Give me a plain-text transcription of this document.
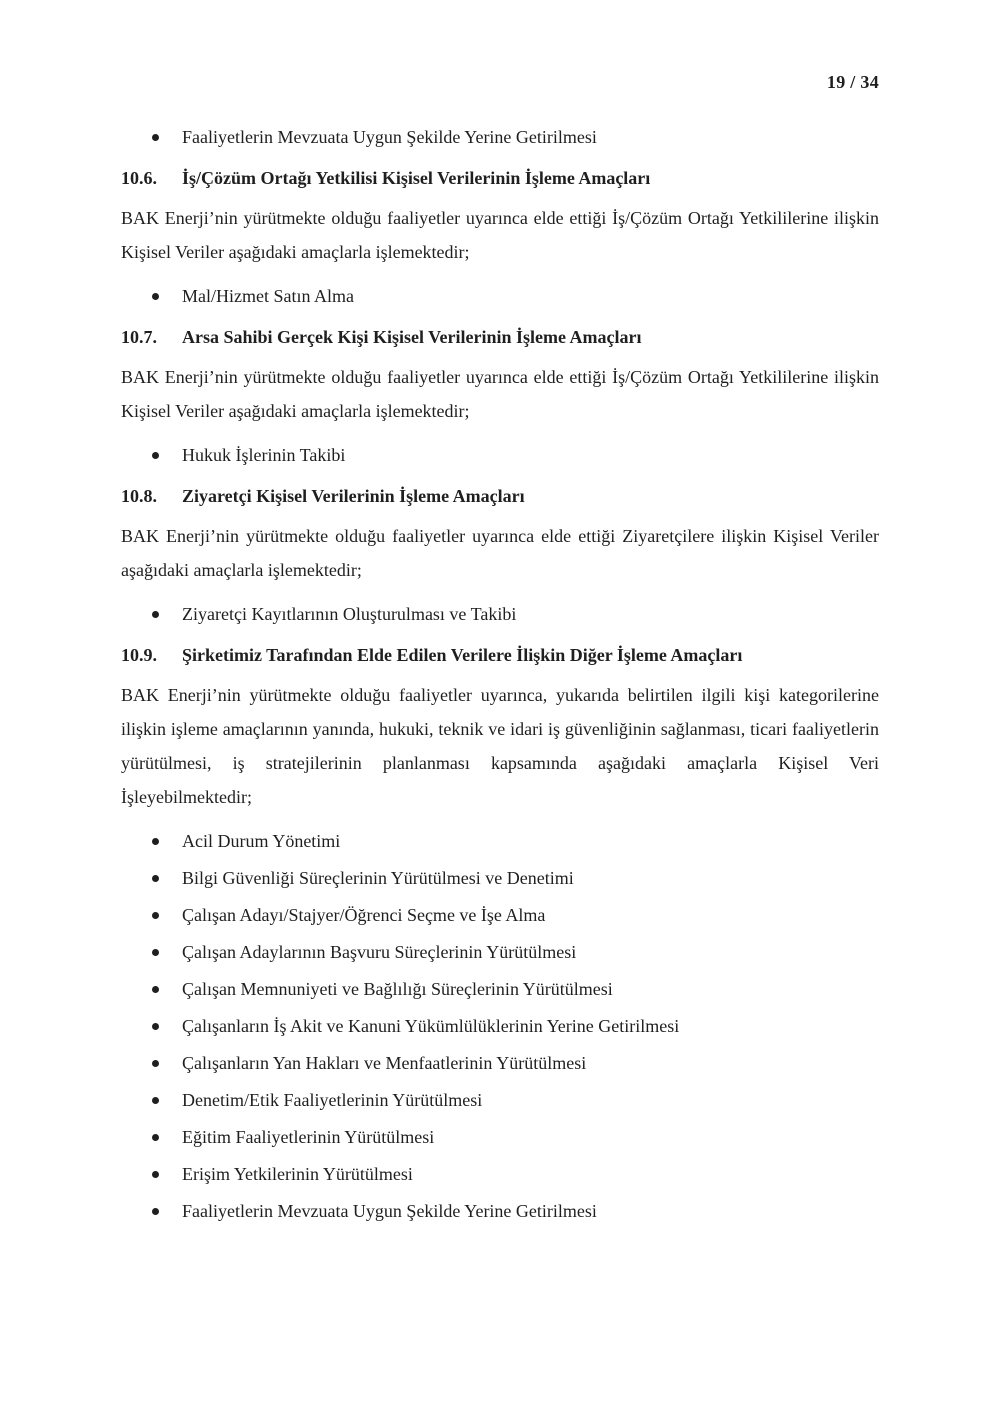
19 / 34
Faaliyetlerin Mevzuata Uygun Şekilde Yerine Getirilmesi
10.6.	İş/Çözüm Ortağı Yetkilisi Kişisel Verilerinin İşleme Amaçları

BAK Enerji’nin yürütmekte olduğu faaliyetler uyarınca elde ettiği İş/Çözüm Ortağı Yetkililerine ilişkin Kişisel Veriler aşağıdaki amaçlarla işlemektedir;

Mal/Hizmet Satın Alma
10.7.	Arsa Sahibi Gerçek Kişi Kişisel Verilerinin İşleme Amaçları

BAK Enerji’nin yürütmekte olduğu faaliyetler uyarınca elde ettiği İş/Çözüm Ortağı Yetkililerine ilişkin Kişisel Veriler aşağıdaki amaçlarla işlemektedir;

Hukuk İşlerinin Takibi
10.8.	Ziyaretçi Kişisel Verilerinin İşleme Amaçları

BAK Enerji’nin yürütmekte olduğu faaliyetler uyarınca elde ettiği Ziyaretçilere ilişkin Kişisel Veriler aşağıdaki amaçlarla işlemektedir;

Ziyaretçi Kayıtlarının Oluşturulması ve Takibi
10.9.	Şirketimiz Tarafından Elde Edilen Verilere İlişkin Diğer İşleme Amaçları

BAK Enerji’nin yürütmekte olduğu faaliyetler uyarınca, yukarıda belirtilen ilgili kişi kategorilerine ilişkin işleme amaçlarının yanında, hukuki, teknik ve idari iş güvenliğinin sağlanması, ticari faaliyetlerin yürütülmesi, iş stratejilerinin planlanması kapsamında aşağıdaki amaçlarla Kişisel Veri İşleyebilmektedir;

Acil Durum Yönetimi
Bilgi Güvenliği Süreçlerinin Yürütülmesi ve Denetimi
Çalışan Adayı/Stajyer/Öğrenci Seçme ve İşe Alma
Çalışan Adaylarının Başvuru Süreçlerinin Yürütülmesi
Çalışan Memnuniyeti ve Bağlılığı Süreçlerinin Yürütülmesi
Çalışanların İş Akit ve Kanuni Yükümlülüklerinin Yerine Getirilmesi
Çalışanların Yan Hakları ve Menfaatlerinin Yürütülmesi
Denetim/Etik Faaliyetlerinin Yürütülmesi
Eğitim Faaliyetlerinin Yürütülmesi
Erişim Yetkilerinin Yürütülmesi
Faaliyetlerin Mevzuata Uygun Şekilde Yerine Getirilmesi
